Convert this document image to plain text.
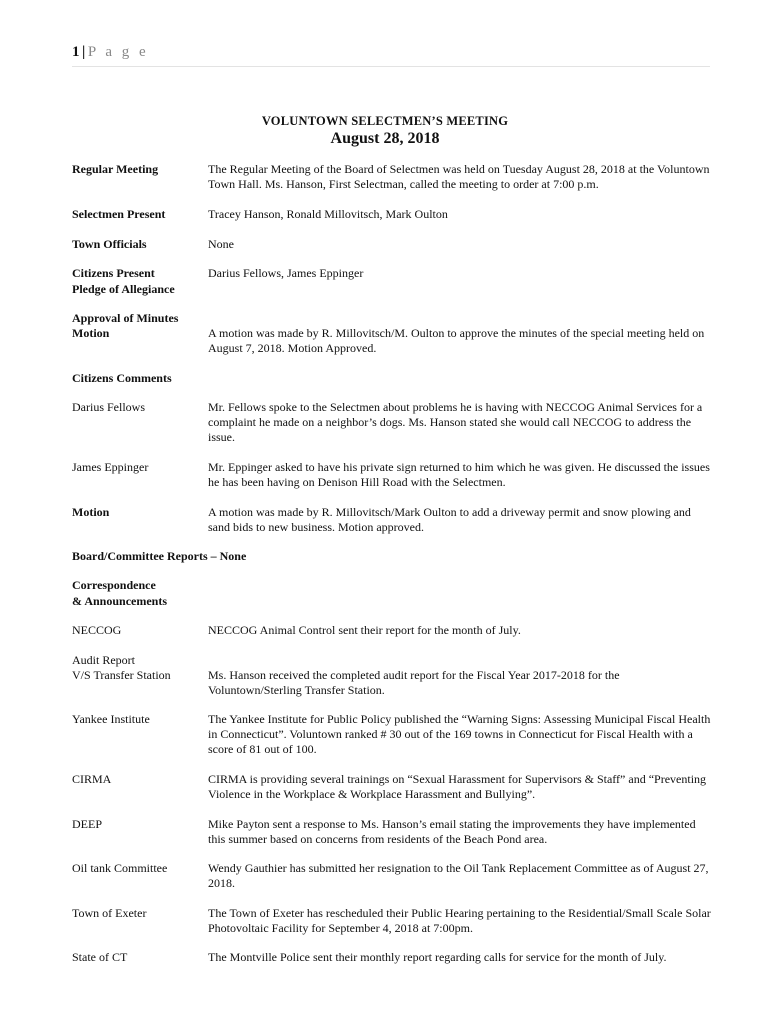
1 | P a g e
VOLUNTOWN SELECTMEN’S MEETING
August 28, 2018
Regular Meeting	The Regular Meeting of the Board of Selectmen was held on Tuesday August 28, 2018 at the Voluntown Town Hall. Ms. Hanson, First Selectman, called the meeting to order at 7:00 p.m.
Selectmen Present	Tracey Hanson, Ronald Millovitsch, Mark Oulton
Town Officials	None
Citizens Present	Darius Fellows, James Eppinger
Pledge of Allegiance
Approval of Minutes
Motion	A motion was made by R. Millovitsch/M. Oulton to approve the minutes of the special meeting held on August 7, 2018. Motion Approved.
Citizens Comments
Darius Fellows	Mr. Fellows spoke to the Selectmen about problems he is having with NECCOG Animal Services for a complaint he made on a neighbor’s dogs. Ms. Hanson stated she would call NECCOG to address the issue.
James Eppinger	Mr. Eppinger asked to have his private sign returned to him which he was given. He discussed the issues he has been having on Denison Hill Road with the Selectmen.
Motion	A motion was made by R. Millovitsch/Mark Oulton to add a driveway permit and snow plowing and sand bids to new business. Motion approved.
Board/Committee Reports – None
Correspondence
& Announcements
NECCOG	NECCOG Animal Control sent their report for the month of July.
Audit Report
V/S Transfer Station	Ms. Hanson received the completed audit report for the Fiscal Year 2017-2018 for the Voluntown/Sterling Transfer Station.
Yankee Institute	The Yankee Institute for Public Policy published the “Warning Signs: Assessing Municipal Fiscal Health in Connecticut”. Voluntown ranked # 30 out of the 169 towns in Connecticut for Fiscal Health with a score of 81 out of 100.
CIRMA	CIRMA is providing several trainings on “Sexual Harassment for Supervisors & Staff” and “Preventing Violence in the Workplace & Workplace Harassment and Bullying”.
DEEP	Mike Payton sent a response to Ms. Hanson’s email stating the improvements they have implemented this summer based on concerns from residents of the Beach Pond area.
Oil tank Committee	Wendy Gauthier has submitted her resignation to the Oil Tank Replacement Committee as of August 27, 2018.
Town of Exeter	The Town of Exeter has rescheduled their Public Hearing pertaining to the Residential/Small Scale Solar Photovoltaic Facility for September 4, 2018 at 7:00pm.
State of CT	The Montville Police sent their monthly report regarding calls for service for the month of July.
